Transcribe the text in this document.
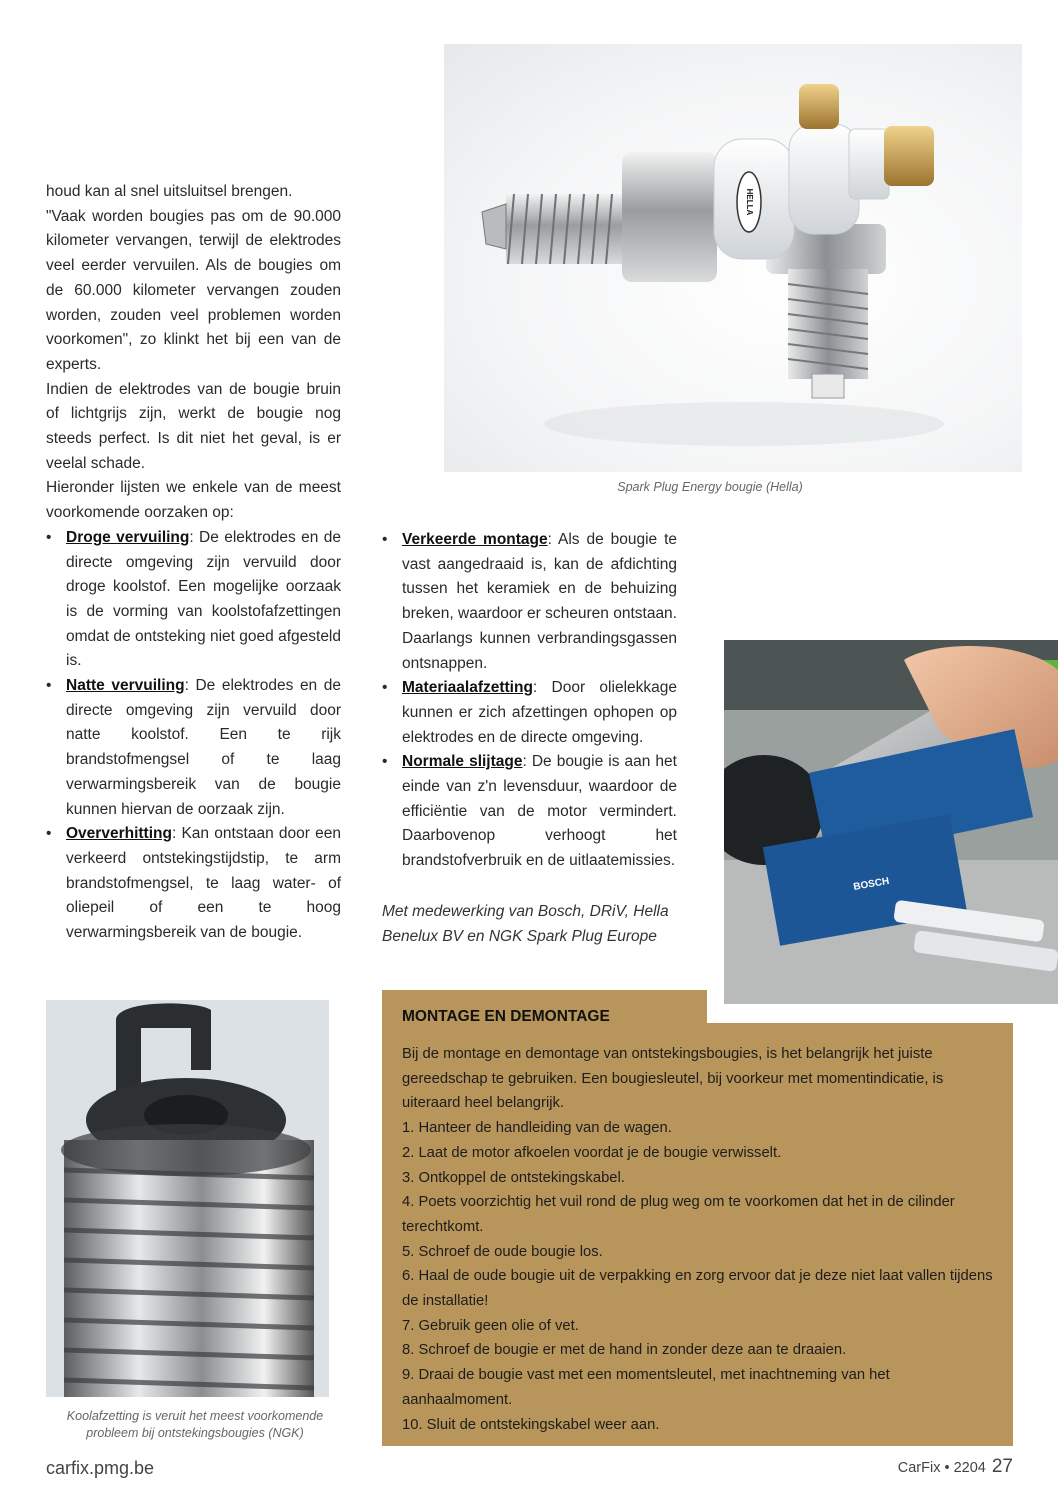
houd kan al snel uitsluitsel brengen.

"Vaak worden bougies pas om de 90.000 kilometer vervangen, terwijl de elektrodes veel eerder vervuilen. Als de bougies om de 60.000 kilometer vervangen zouden worden, zouden veel problemen worden voorkomen", zo klinkt het bij een van de experts.

Indien de elektrodes van de bougie bruin of lichtgrijs zijn, werkt de bougie nog steeds perfect. Is dit niet het geval, is er veelal schade.

Hieronder lijsten we enkele van de meest voorkomende oorzaken op:

• Droge vervuiling: De elektrodes en de directe omgeving zijn vervuild door droge koolstof. Een mogelijke oorzaak is de vorming van koolstofafzettingen omdat de ontsteking niet goed afgesteld is.
• Natte vervuiling: De elektrodes en de directe omgeving zijn vervuild door natte koolstof. Een te rijk brandstofmengsel of te laag verwarmingsbereik van de bougie kunnen hiervan de oorzaak zijn.
• Oververhitting: Kan ontstaan door een verkeerd ontstekingstijdstip, te arm brandstofmengsel, te laag water- of oliepeil of een te hoog verwarmingsbereik van de bougie.
• Verkeerde montage: Als de bougie te vast aangedraaid is, kan de afdichting tussen het keramiek en de behuizing breken, waardoor er scheuren ontstaan. Daarlangs kunnen verbrandingsgassen ontsnappen.
• Materiaalafzetting: Door olielekkage kunnen er zich afzettingen ophopen op elektrodes en de directe omgeving.
• Normale slijtage: De bougie is aan het einde van z'n levensduur, waardoor de efficiëntie van de motor vermindert. Daarbovenop verhoogt het brandstofverbruik en de uitlaatemissies.
Met medewerking van Bosch, DRiV, Hella
Benelux BV en NGK Spark Plug Europe
HELLA
Spark Plug Energy bougie (Hella)
BOSCH
Koolafzetting is veruit het meest voorkomende
probleem bij ontstekingsbougies (NGK)
MONTAGE EN DEMONTAGE

Bij de montage en demontage van ontstekingsbougies, is het belangrijk het juiste gereedschap te gebruiken. Een bougiesleutel, bij voorkeur met momentindicatie, is uiteraard heel belangrijk.

1. Hanteer de handleiding van de wagen.
2. Laat de motor afkoelen voordat je de bougie verwisselt.
3. Ontkoppel de ontstekingskabel.
4. Poets voorzichtig het vuil rond de plug weg om te voorkomen dat het in de cilinder terechtkomt.
5. Schroef de oude bougie los.
6. Haal de oude bougie uit de verpakking en zorg ervoor dat je deze niet laat vallen tijdens de installatie!
7. Gebruik geen olie of vet.
8. Schroef de bougie er met de hand in zonder deze aan te draaien.
9. Draai de bougie vast met een momentsleutel, met inachtneming van het aanhaalmoment.
10. Sluit de ontstekingskabel weer aan.
carfix.pmg.be	CarFix • 2204 27
